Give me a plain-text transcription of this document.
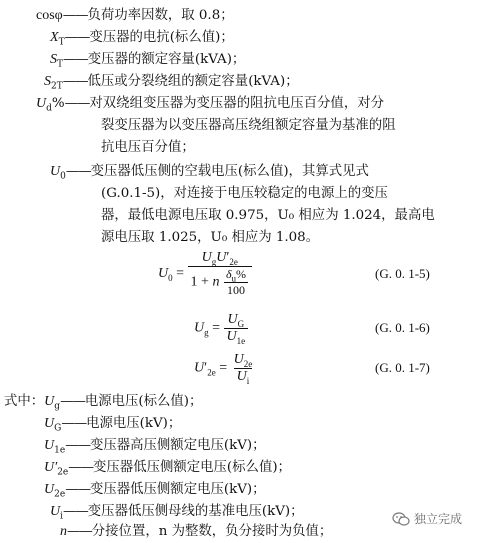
cosφ——负荷功率因数，取 0.8；
$X_T——$变压器的电抗(标么值)；
$S_T——$变压器的额定容量(kVA)；
$S_{2T}——$低压或分裂绕组的额定容量(kVA)；
$U_d\%——$对双绕组变压器为变压器的阻抗电压百分值，对分
裂变压器为以变压器高压绕组额定容量为基准的阻
抗电压百分值；
$U_0——$变压器低压侧的空载电压(标么值)，其算式见式
(G.0.1-5)，对连接于电压较稳定的电源上的变压
器，最低电源电压取 0.975，U₀ 相应为 1.024，最高电
源电压取 1.025，U₀ 相应为 1.08。
$U_0 = \frac{U_gU'_{2e}}{1 + n \frac{\delta_u\%}{100}}$	(G. 0. 1-5)
$U_g = \frac{U_G}{U_{1e}}$	(G. 0. 1-6)
$U'_{2e} = \frac{U_{2e}}{U_i}$	(G. 0. 1-7)
式中：$U_g——$电源电压(标么值)；
$U_G——$电源电压(kV)；
$U_{1e}——$变压器高压侧额定电压(kV)；
$U'_{2e}——$变压器低压侧额定电压(标么值)；
$U_{2e}——$变压器低压侧额定电压(kV)；
$U_i——$变压器低压侧母线的基准电压(kV)；
n——分接位置，n 为整数，负分接时为负值；
独立完成
